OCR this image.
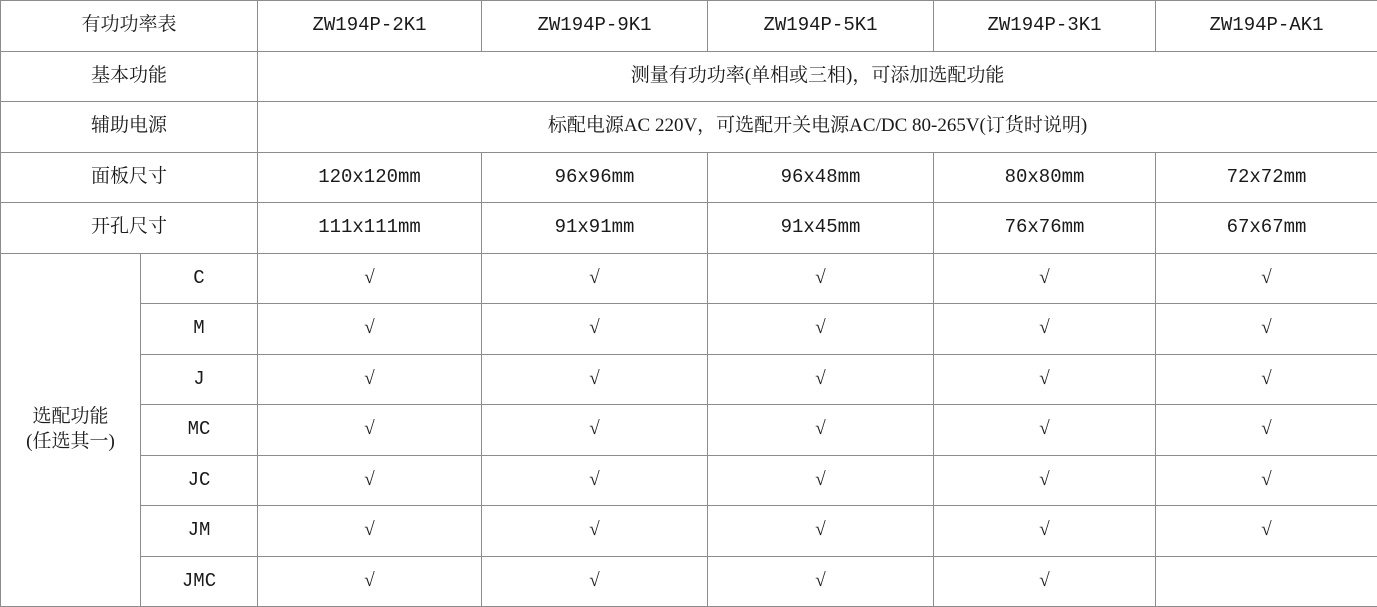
有功功率表		ZW194P-2K1	ZW194P-9K1	ZW194P-5K1	ZW194P-3K1	ZW194P-AK1
基本功能		测量有功功率(单相或三相)，可添加选配功能				
辅助电源		标配电源AC 220V，可选配开关电源AC/DC 80-265V(订货时说明)				
面板尺寸		120x120mm	96x96mm	96x48mm	80x80mm	72x72mm
开孔尺寸		111x111mm	91x91mm	91x45mm	76x76mm	67x67mm

选配功能
(任选其一)	C	√	√	√	√	√
	M	√	√	√	√	√
	J	√	√	√	√	√
	MC	√	√	√	√	√
	JC	√	√	√	√	√
	JM	√	√	√	√	√
	JMC	√	√	√	√	
